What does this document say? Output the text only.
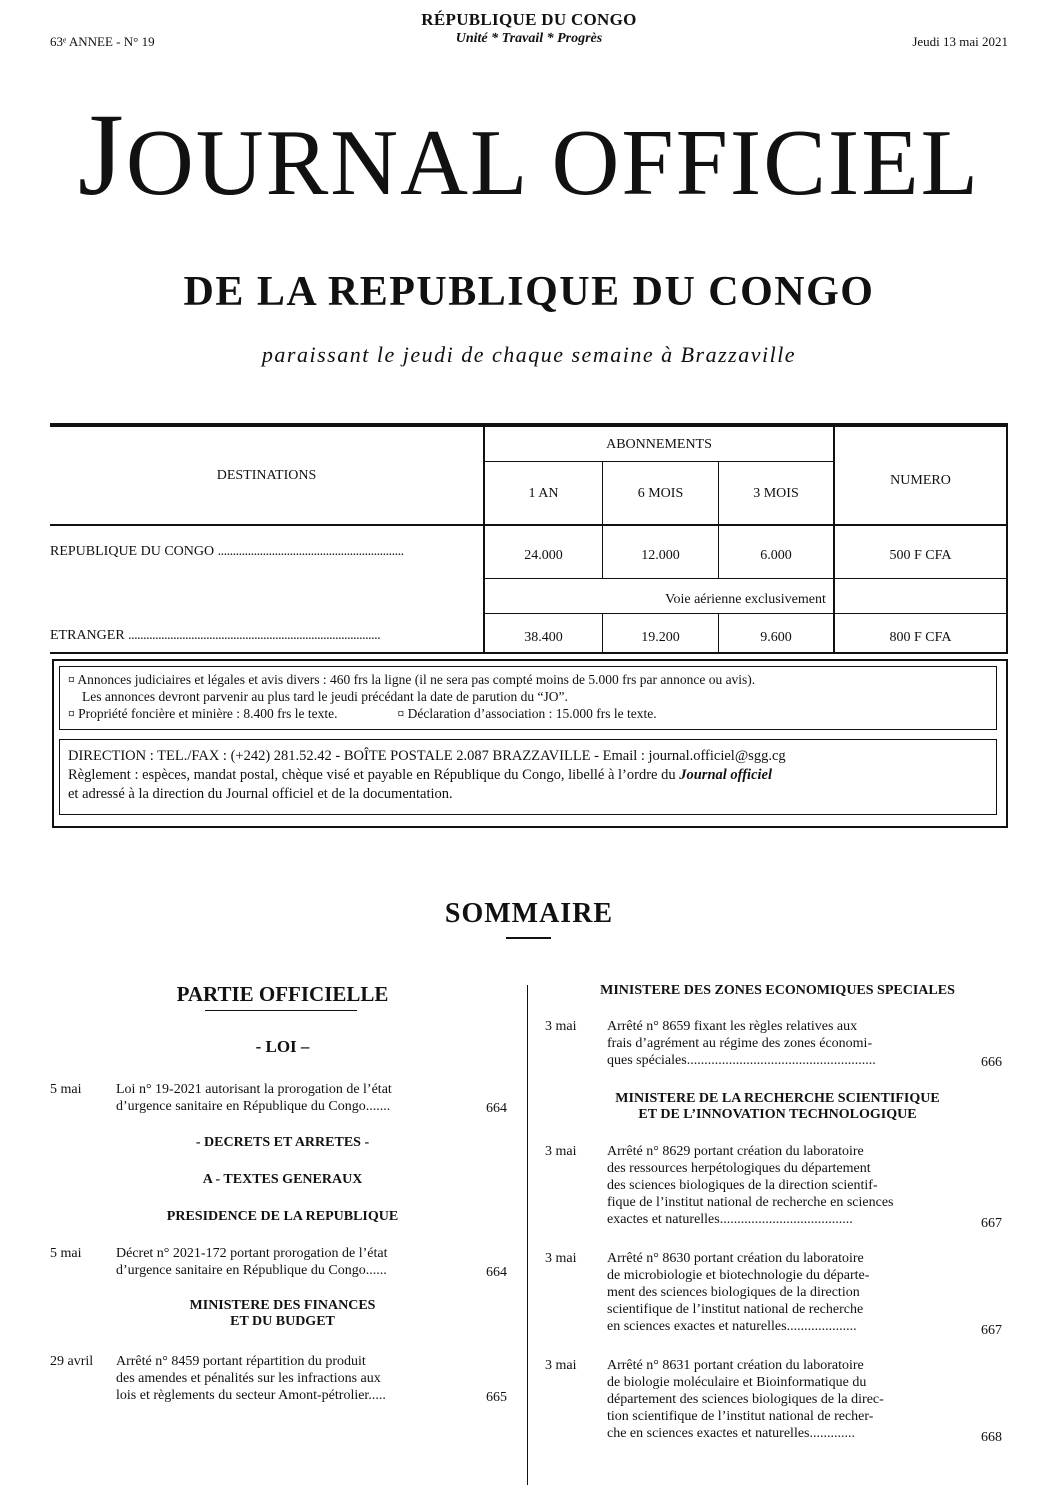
63ᵉ ANNEE - N° 19
RÉPUBLIQUE DU CONGO
Unité * Travail * Progrès	Jeudi 13 mai 2021
JOURNAL OFFICIEL
DE LA REPUBLIQUE DU CONGO
paraissant le jeudi de chaque semaine à Brazzaville
DESTINATIONS
ABONNEMENTS
NUMERO
1 AN	6 MOIS	3 MOIS
REPUBLIQUE DU CONGO ..............................................................	24.000	12.000	6.000	500 F CFA
Voie aérienne exclusivement
ETRANGER ....................................................................................	38.400	19.200	9.600	800 F CFA
¤ Annonces judiciaires et légales et avis divers : 460 frs la ligne (il ne sera pas compté moins de 5.000 frs par annonce ou avis).
Les annonces devront parvenir au plus tard le jeudi précédant la date de parution du “JO”.
¤ Propriété foncière et minière : 8.400 frs le texte.	¤ Déclaration d’association : 15.000 frs le texte.
DIRECTION : TEL./FAX : (+242) 281.52.42 - BOÎTE POSTALE 2.087 BRAZZAVILLE - Email : journal.officiel@sgg.cg
Règlement : espèces, mandat postal, chèque visé et payable en République du Congo, libellé à l’ordre du Journal officiel
et adressé à la direction du Journal officiel et de la documentation.
SOMMAIRE
PARTIE OFFICIELLE
- LOI –
5 mai Loi n° 19-2021 autorisant la prorogation de l’état
d’urgence sanitaire en République du Congo.......	664
- DECRETS ET ARRETES -
A - TEXTES GENERAUX
PRESIDENCE DE LA REPUBLIQUE
5 mai Décret n° 2021-172 portant prorogation de l’état
d’urgence sanitaire en République du Congo......	664
MINISTERE DES FINANCES
ET DU BUDGET
29 avril Arrêté n° 8459 portant répartition du produit
des amendes et pénalités sur les infractions aux
lois et règlements du secteur Amont-pétrolier.....	665
MINISTERE DES ZONES ECONOMIQUES SPECIALES
3 mai Arrêté n° 8659 fixant les règles relatives aux
frais d’agrément au régime des zones économi-
ques spéciales......................................................	666
MINISTERE DE LA RECHERCHE SCIENTIFIQUE
ET DE L’INNOVATION TECHNOLOGIQUE
3 mai Arrêté n° 8629 portant création du laboratoire
des ressources herpétologiques du département
des sciences biologiques de la direction scientif-
fique de l’institut national de recherche en sciences
exactes et naturelles......................................	667
3 mai Arrêté n° 8630 portant création du laboratoire
de microbiologie et biotechnologie du départe-
ment des sciences biologiques de la direction
scientifique de l’institut national de recherche
en sciences exactes et naturelles....................	667
3 mai Arrêté n° 8631 portant création du laboratoire
de biologie moléculaire et Bioinformatique du
département des sciences biologiques de la direc-
tion scientifique de l’institut national de recher-
che en sciences exactes et naturelles.............	668
